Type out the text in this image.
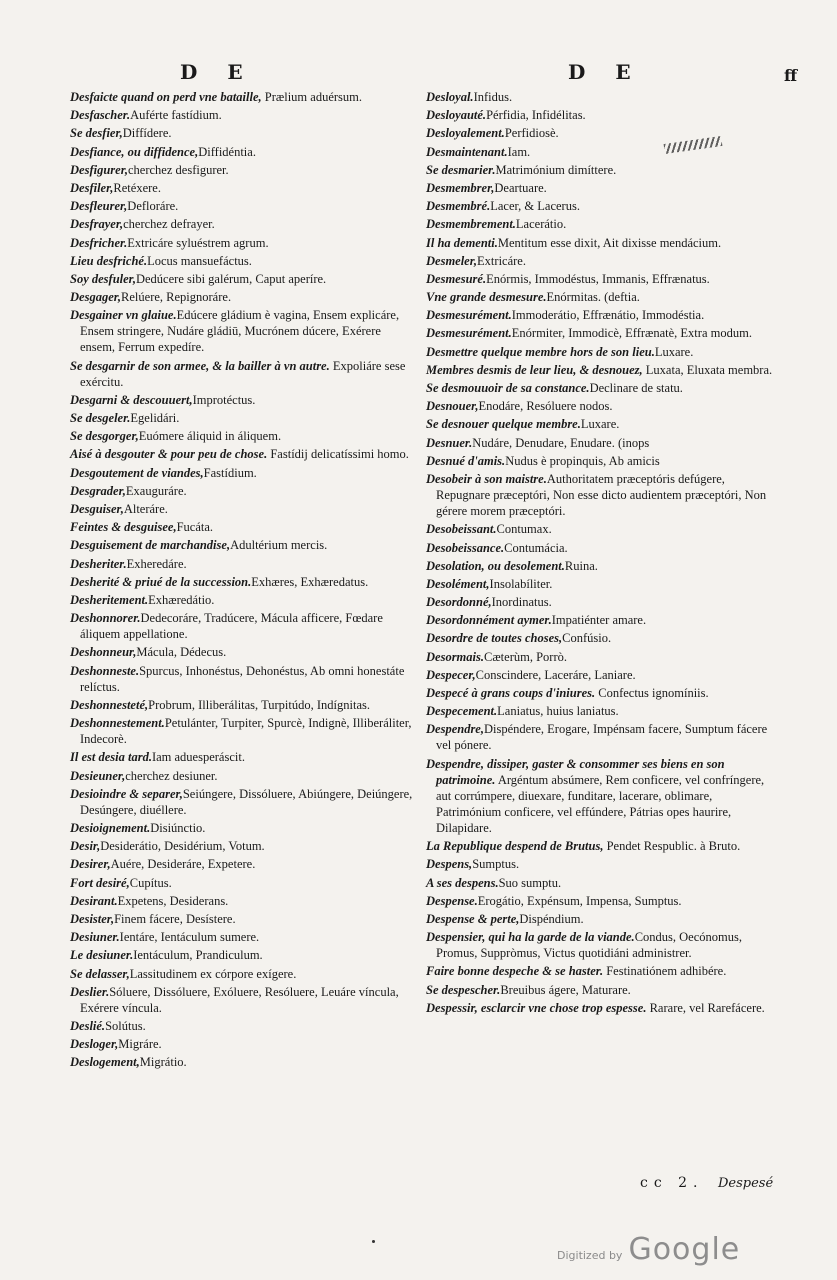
DE	DE	ff

Desfaicte quand on perd vne bataille, Prælium aduérsum.

Desfascher.Auférte fastídium.

Se desfier,Diffídere.

Desfiance, ou diffidence,Diffidéntia.

Desfigurer,cherchez desfigurer.

Desfiler,Retéxere.

Desfleurer,Defloráre.

Desfrayer,cherchez defrayer.

Desfricher.Extricáre syluéstrem agrum.

Lieu desfriché.Locus mansuefáctus.

Soy desfuler,Dedúcere sibi galérum, Caput aperíre.

Desgager,Relúere, Repignoráre.

Desgainer vn glaiue.Edúcere gládium è vagina, Ensem explicáre, Ensem stringere, Nudáre gládiū, Mucrónem dúcere, Exérere ensem, Ferrum expedíre.

Se desgarnir de son armee, & la bailler à vn autre. Expoliáre sese exércitu.

Desgarni & descouuert,Improtéctus.

Se desgeler.Egelidári.

Se desgorger,Euómere áliquid in áliquem.

Aisé à desgouter & pour peu de chose. Fastídij delicatíssimi homo.

Desgoutement de viandes,Fastídium.

Desgrader,Exauguráre.

Desguiser,Alteráre.

Feintes & desguisee,Fucáta.

Desguisement de marchandise,Adultérium mercis.

Desheriter.Exheredáre.

Desherité & priué de la succession.Exhæres, Exhæredatus.

Desheritement.Exhæredátio.

Deshonnorer.Dedecoráre, Tradúcere, Mácula afficere, Fœdare áliquem appellatione.

Deshonneur,Mácula, Dédecus.

Deshonneste.Spurcus, Inhonéstus, Dehonéstus, Ab omni honestáte relíctus.

Deshonnesteté,Probrum, Illiberálitas, Turpitúdo, Indígnitas.

Deshonnestement.Petulánter, Turpiter, Spurcè, Indignè, Illiberáliter, Indecorè.

Il est desia tard.Iam aduesperáscit.

Desieuner,cherchez desiuner.

Desioindre & separer,Seiúngere, Dissóluere, Abiúngere, Deiúngere, Desúngere, diuéllere.

Desioignement.Disiúnctio.

Desir,Desiderátio, Desidérium, Votum.

Desirer,Auére, Desideráre, Expetere.

Fort desiré,Cupítus.

Desirant.Expetens, Desiderans.

Desister,Finem fácere, Desístere.

Desiuner.Ientáre, Ientáculum sumere.

Le desiuner.Ientáculum, Prandiculum.

Se delasser,Lassitudinem ex córpore exígere.

Deslier.Sóluere, Dissóluere, Exóluere, Resóluere, Leuáre víncula, Exérere víncula.

Deslié.Solútus.

Desloger,Migráre.

Deslogement,Migrátio.

Desloyal.Infidus.

Desloyauté.Pérfidia, Infidélitas.

Desloyalement.Perfidiosè.

Desmaintenant.Iam.

Se desmarier.Matrimónium dimíttere.

Desmembrer,Deartuare.

Desmembré.Lacer, & Lacerus.

Desmembrement.Lacerátio.

Il ha dementi.Mentitum esse dixit, Ait dixisse mendácium.

Desmeler,Extricáre.

Desmesuré.Enórmis, Immodéstus, Immanis, Effrænatus.

Vne grande desmesure.Enórmitas. (deftia.

Desmesurément.Immoderátio, Effrænátio, Immodéstia.

Desmesurément.Enórmiter, Immodicè, Effrænatè, Extra modum.

Desmettre quelque membre hors de son lieu.Luxare.

Membres desmis de leur lieu, & desnouez, Luxata, Eluxata membra.

Se desmouuoir de sa constance.Declinare de statu.

Desnouer,Enodáre, Resóluere nodos.

Se desnouer quelque membre.Luxare.

Desnuer.Nudáre, Denudare, Enudare. (inops

Desnué d'amis.Nudus è propinquis, Ab amicis

Desobeir à son maistre.Authoritatem præceptóris defúgere, Repugnare præceptóri, Non esse dicto audientem præceptóri, Non gérere morem præceptóri.

Desobeissant.Contumax.

Desobeissance.Contumácia.

Desolation, ou desolement.Ruina.

Desolément,Insolabíliter.

Desordonné,Inordinatus.

Desordonnément aymer.Impatiénter amare.

Desordre de toutes choses,Confúsio.

Desormais.Cæterùm, Porrò.

Despecer,Conscindere, Laceráre, Laniare.

Despecé à grans coups d'iniures. Confectus ignomíniis.

Despecement.Laniatus, huius laniatus.

Despendre,Dispéndere, Erogare, Impénsam facere, Sumptum fácere vel pónere.

Despendre, dissiper, gaster & consommer ses biens en son patrimoine. Argéntum absúmere, Rem conficere, vel confríngere, aut corrúmpere, diuexare, funditare, lacerare, oblimare, Patrimónium conficere, vel effúndere, Pátrias opes haurire, Dilapidare.

La Republique despend de Brutus, Pendet Respublic. à Bruto.

Despens,Sumptus.

A ses despens.Suo sumptu.

Despense.Erogátio, Expénsum, Impensa, Sumptus.

Despense & perte,Dispéndium.

Despensier, qui ha la garde de la viande.Condus, Oecónomus, Promus, Suppròmus, Victus quotidiáni administrer.

Faire bonne despeche & se haster. Festinatiónem adhibére.

Se despescher.Breuibus ágere, Maturare.

Despessir, esclarcir vne chose trop espesse. Rarare, vel Rarefácere.

cc 2. Despesé
Digitized by Google
